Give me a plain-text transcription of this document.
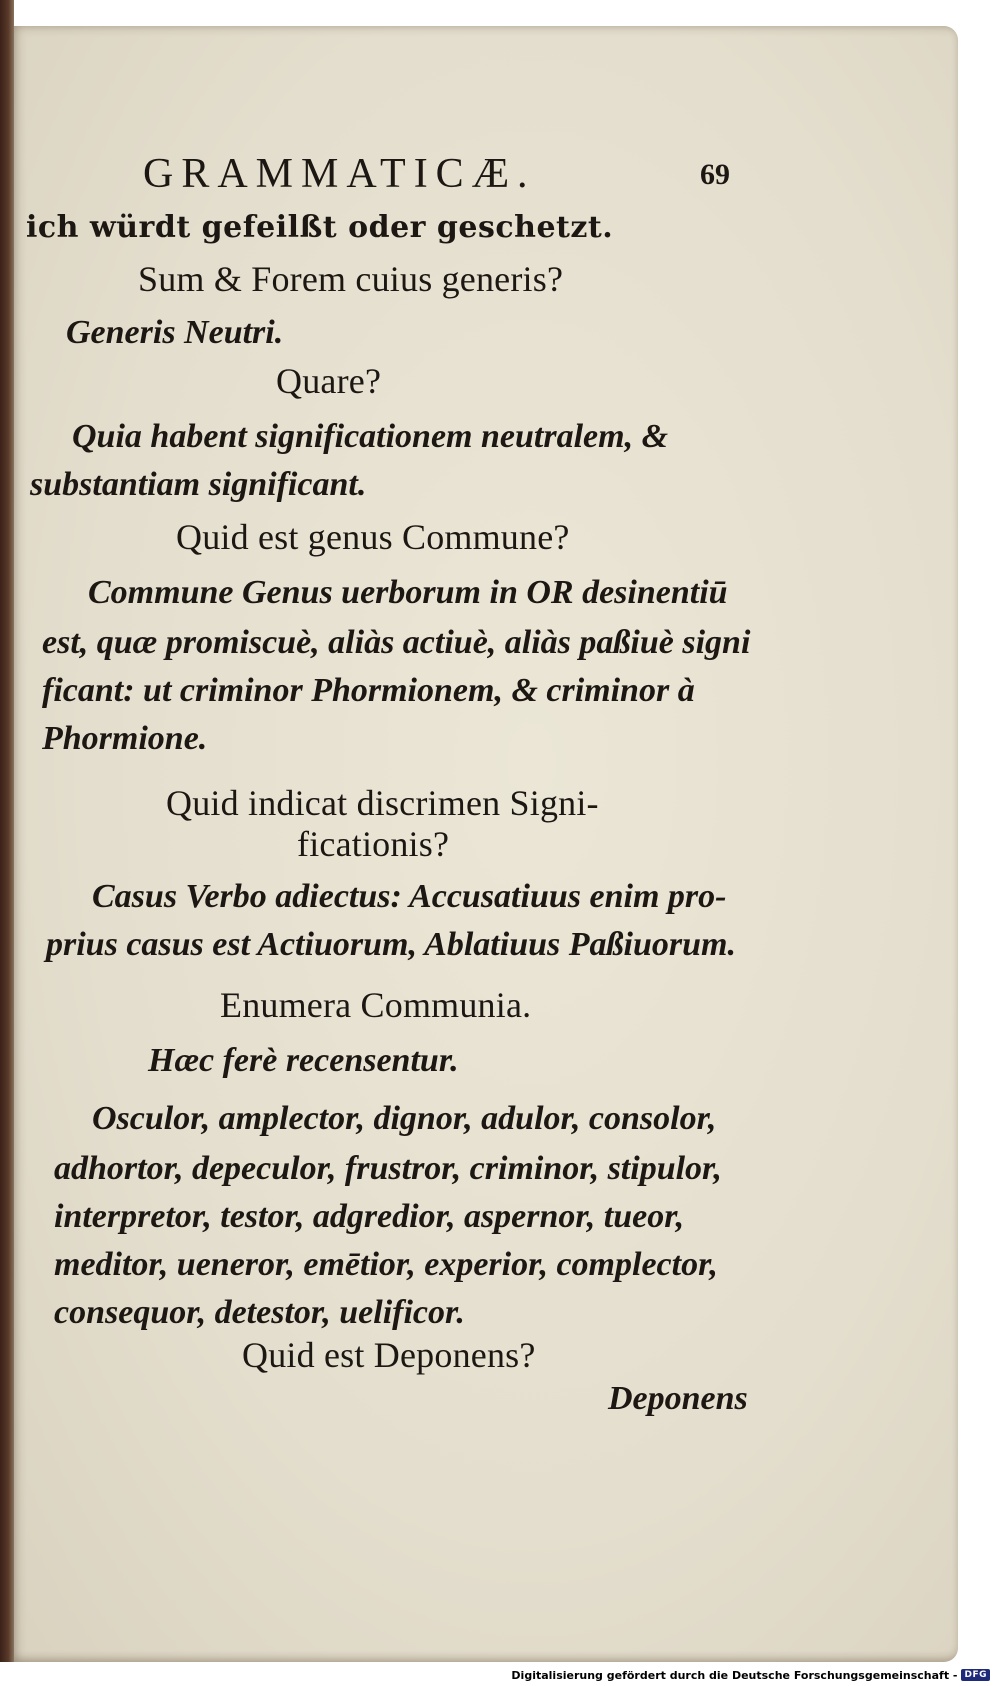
GRAMMATICÆ.	69
ich würdt gefeilßt oder geschetzt.
Sum & Forem cuius generis?
Generis Neutri.
Quare?
Quia habent significationem neutralem, &
substantiam significant.
Quid est genus Commune?
Commune Genus uerborum in OR desinentiū
est, quæ promiscuè, aliàs actiuè, aliàs paßiuè signi
ficant: ut criminor Phormionem, & criminor à
Phormione.
Quid indicat discrimen Signi-
ficationis?
Casus Verbo adiectus: Accusatiuus enim pro-
prius casus est Actiuorum, Ablatiuus Paßiuorum.
Enumera Communia.
Hæc ferè recensentur.
Osculor, amplector, dignor, adulor, consolor,
adhortor, depeculor, frustror, criminor, stipulor,
interpretor, testor, adgredior, aspernor, tueor,
meditor, ueneror, emētior, experior, complector,
consequor, detestor, uelificor.
Quid est Deponens?
Deponens
Digitalisierung gefördert durch die Deutsche Forschungsgemeinschaft - DFG
